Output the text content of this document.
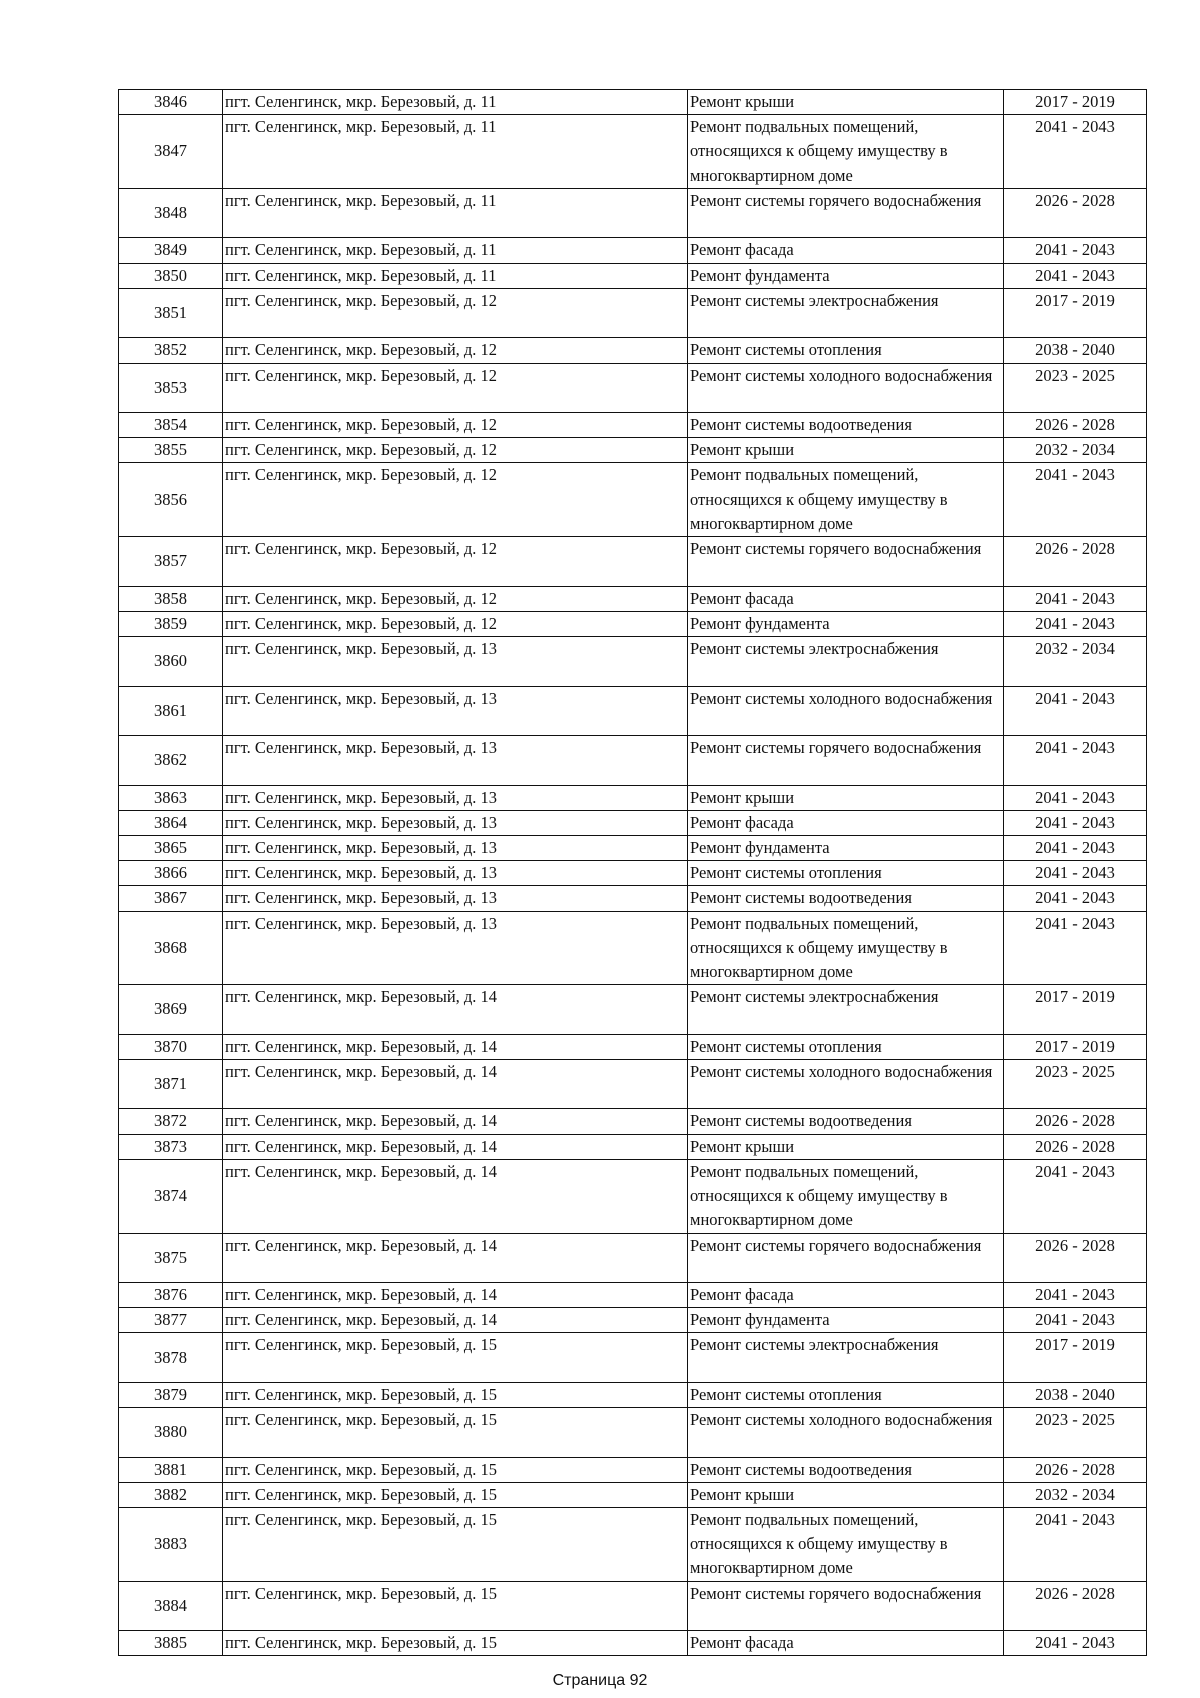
3846	пгт. Селенгинск, мкр. Березовый, д. 11	Ремонт крыши	2017 - 2019
3847	пгт. Селенгинск, мкр. Березовый, д. 11	Ремонт подвальных помещений, относящихся к общему имуществу в многоквартирном доме	2041 - 2043
3848	пгт. Селенгинск, мкр. Березовый, д. 11	Ремонт системы горячего водоснабжения	2026 - 2028
3849	пгт. Селенгинск, мкр. Березовый, д. 11	Ремонт фасада	2041 - 2043
3850	пгт. Селенгинск, мкр. Березовый, д. 11	Ремонт фундамента	2041 - 2043
3851	пгт. Селенгинск, мкр. Березовый, д. 12	Ремонт системы электроснабжения	2017 - 2019
3852	пгт. Селенгинск, мкр. Березовый, д. 12	Ремонт системы отопления	2038 - 2040
3853	пгт. Селенгинск, мкр. Березовый, д. 12	Ремонт системы холодного водоснабжения	2023 - 2025
3854	пгт. Селенгинск, мкр. Березовый, д. 12	Ремонт системы водоотведения	2026 - 2028
3855	пгт. Селенгинск, мкр. Березовый, д. 12	Ремонт крыши	2032 - 2034
3856	пгт. Селенгинск, мкр. Березовый, д. 12	Ремонт подвальных помещений, относящихся к общему имуществу в многоквартирном доме	2041 - 2043
3857	пгт. Селенгинск, мкр. Березовый, д. 12	Ремонт системы горячего водоснабжения	2026 - 2028
3858	пгт. Селенгинск, мкр. Березовый, д. 12	Ремонт фасада	2041 - 2043
3859	пгт. Селенгинск, мкр. Березовый, д. 12	Ремонт фундамента	2041 - 2043
3860	пгт. Селенгинск, мкр. Березовый, д. 13	Ремонт системы электроснабжения	2032 - 2034
3861	пгт. Селенгинск, мкр. Березовый, д. 13	Ремонт системы холодного водоснабжения	2041 - 2043
3862	пгт. Селенгинск, мкр. Березовый, д. 13	Ремонт системы горячего водоснабжения	2041 - 2043
3863	пгт. Селенгинск, мкр. Березовый, д. 13	Ремонт крыши	2041 - 2043
3864	пгт. Селенгинск, мкр. Березовый, д. 13	Ремонт фасада	2041 - 2043
3865	пгт. Селенгинск, мкр. Березовый, д. 13	Ремонт фундамента	2041 - 2043
3866	пгт. Селенгинск, мкр. Березовый, д. 13	Ремонт системы отопления	2041 - 2043
3867	пгт. Селенгинск, мкр. Березовый, д. 13	Ремонт системы водоотведения	2041 - 2043
3868	пгт. Селенгинск, мкр. Березовый, д. 13	Ремонт подвальных помещений, относящихся к общему имуществу в многоквартирном доме	2041 - 2043
3869	пгт. Селенгинск, мкр. Березовый, д. 14	Ремонт системы электроснабжения	2017 - 2019
3870	пгт. Селенгинск, мкр. Березовый, д. 14	Ремонт системы отопления	2017 - 2019
3871	пгт. Селенгинск, мкр. Березовый, д. 14	Ремонт системы холодного водоснабжения	2023 - 2025
3872	пгт. Селенгинск, мкр. Березовый, д. 14	Ремонт системы водоотведения	2026 - 2028
3873	пгт. Селенгинск, мкр. Березовый, д. 14	Ремонт крыши	2026 - 2028
3874	пгт. Селенгинск, мкр. Березовый, д. 14	Ремонт подвальных помещений, относящихся к общему имуществу в многоквартирном доме	2041 - 2043
3875	пгт. Селенгинск, мкр. Березовый, д. 14	Ремонт системы горячего водоснабжения	2026 - 2028
3876	пгт. Селенгинск, мкр. Березовый, д. 14	Ремонт фасада	2041 - 2043
3877	пгт. Селенгинск, мкр. Березовый, д. 14	Ремонт фундамента	2041 - 2043
3878	пгт. Селенгинск, мкр. Березовый, д. 15	Ремонт системы электроснабжения	2017 - 2019
3879	пгт. Селенгинск, мкр. Березовый, д. 15	Ремонт системы отопления	2038 - 2040
3880	пгт. Селенгинск, мкр. Березовый, д. 15	Ремонт системы холодного водоснабжения	2023 - 2025
3881	пгт. Селенгинск, мкр. Березовый, д. 15	Ремонт системы водоотведения	2026 - 2028
3882	пгт. Селенгинск, мкр. Березовый, д. 15	Ремонт крыши	2032 - 2034
3883	пгт. Селенгинск, мкр. Березовый, д. 15	Ремонт подвальных помещений, относящихся к общему имуществу в многоквартирном доме	2041 - 2043
3884	пгт. Селенгинск, мкр. Березовый, д. 15	Ремонт системы горячего водоснабжения	2026 - 2028
3885	пгт. Селенгинск, мкр. Березовый, д. 15	Ремонт фасада	2041 - 2043
Страница 92
